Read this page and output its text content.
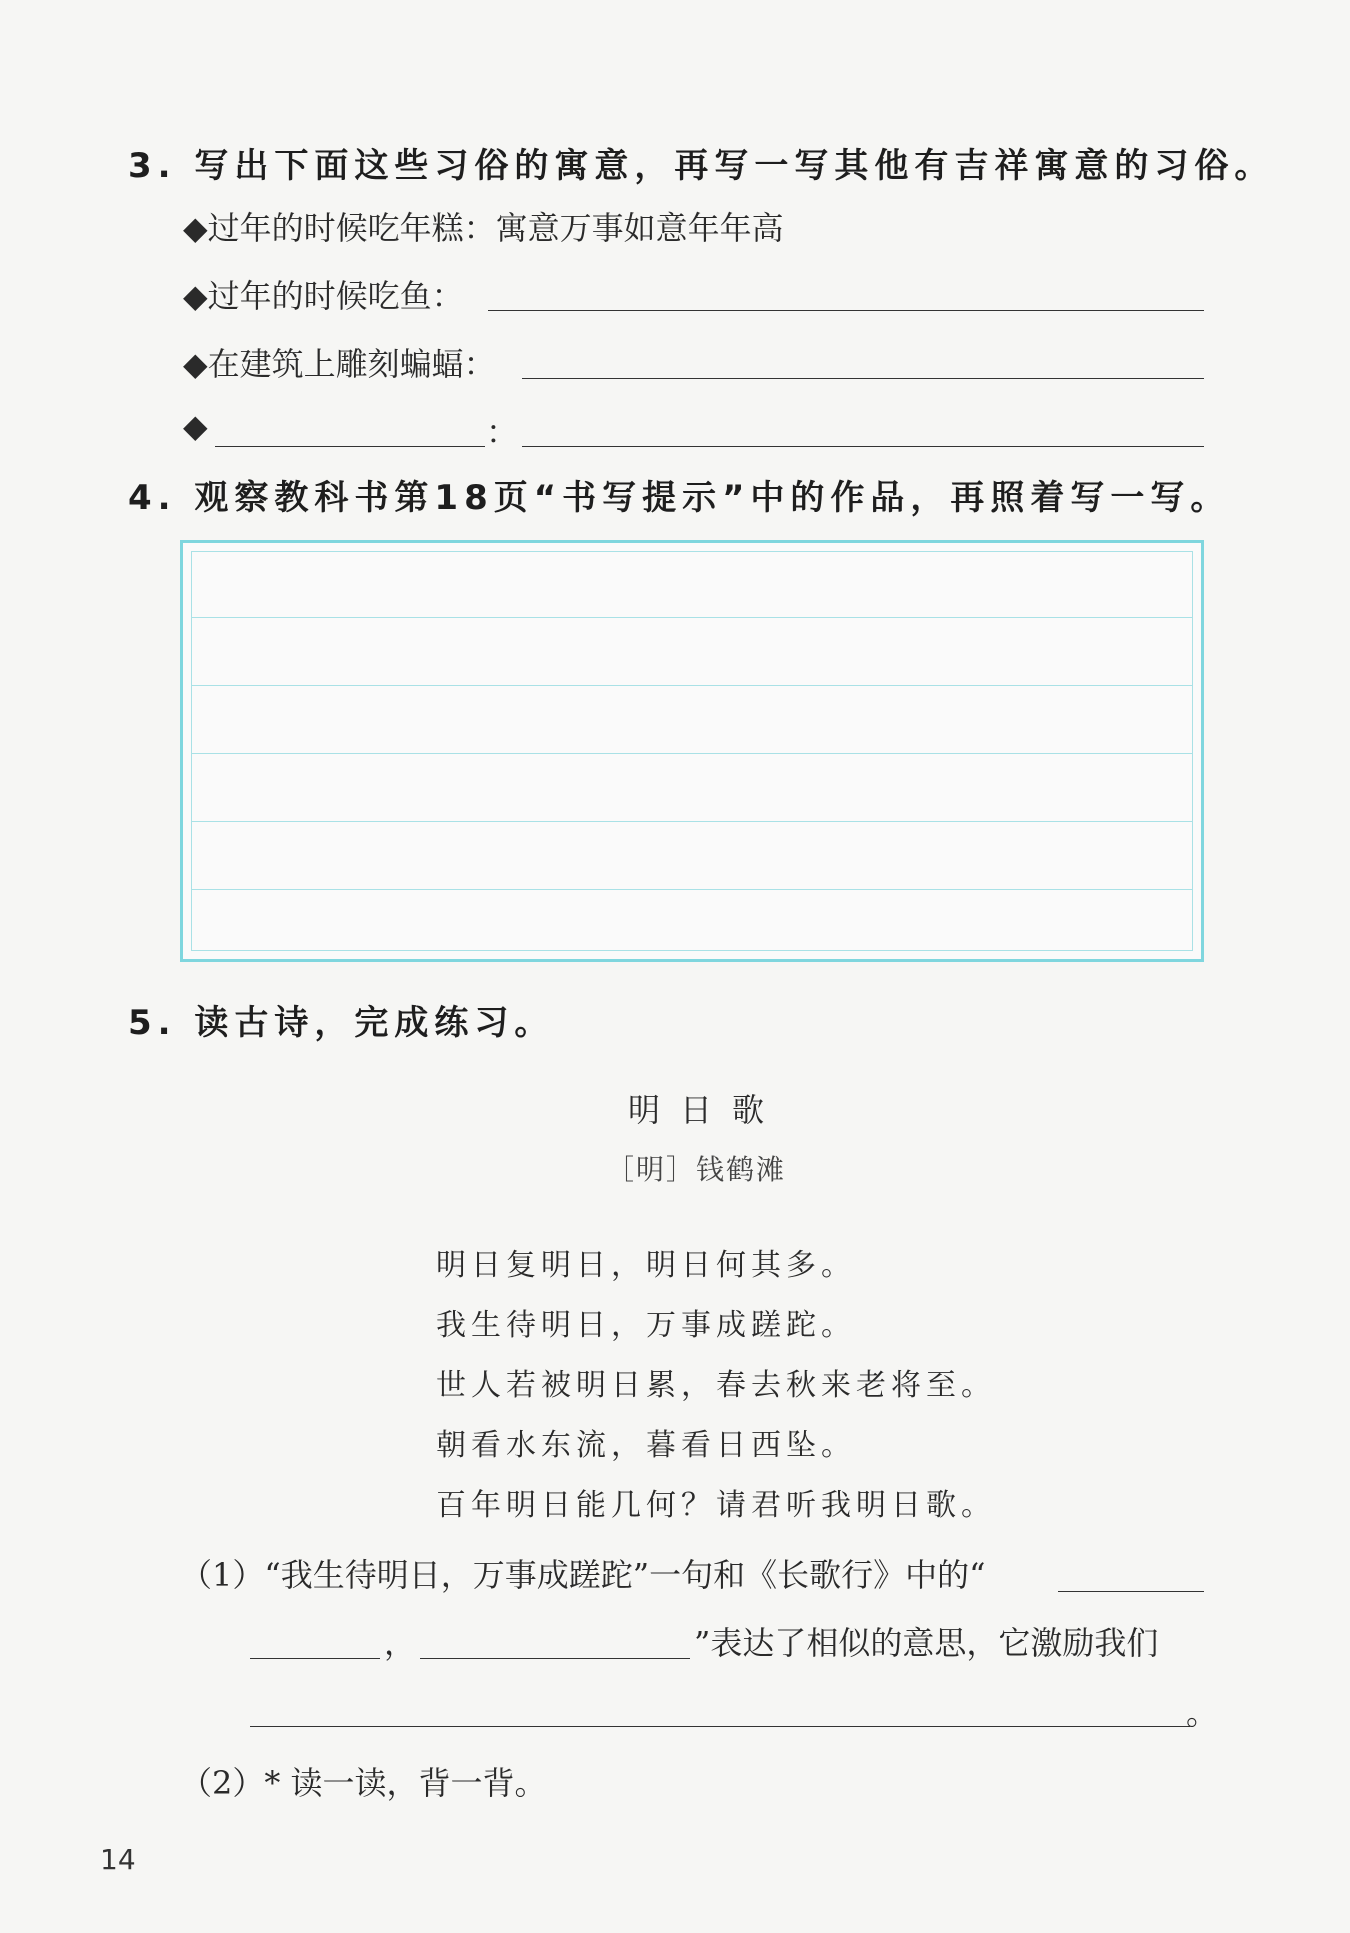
3. 写出下面这些习俗的寓意，再写一写其他有吉祥寓意的习俗。
◆过年的时候吃年糕：寓意万事如意年年高
◆过年的时候吃鱼：
◆在建筑上雕刻蝙蝠：
◆	：
4. 观察教科书第18页“书写提示”中的作品，再照着写一写。
5. 读古诗，完成练习。
明日歌
［明］钱鹤滩
明日复明日，明日何其多。
我生待明日，万事成蹉跎。
世人若被明日累，春去秋来老将至。
朝看水东流，暮看日西坠。
百年明日能几何？请君听我明日歌。
（1）“我生待明日，万事成蹉跎”一句和《长歌行》中的“
，	”表达了相似的意思，它激励我们
。
（2）* 读一读，背一背。
14
